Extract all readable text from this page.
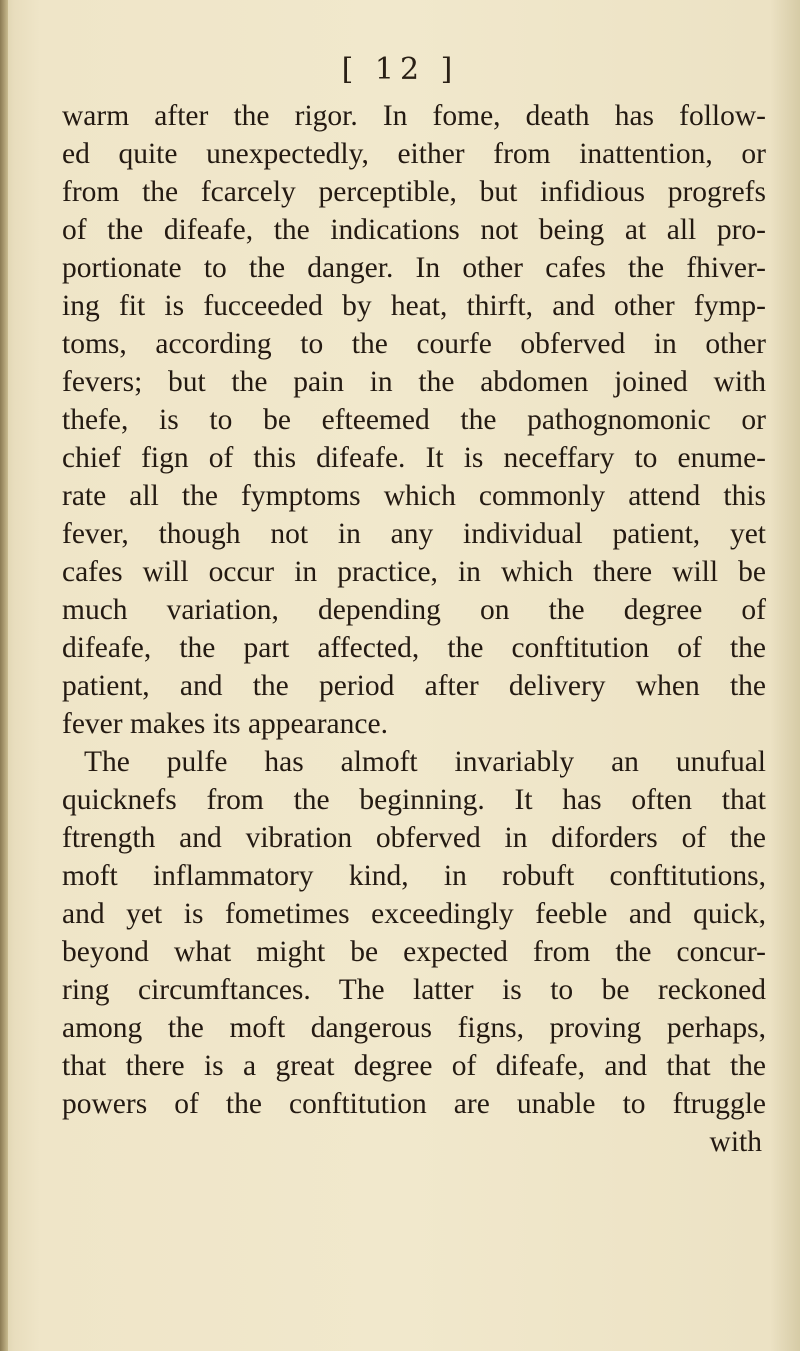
[ 12 ]
warm after the rigor. In fome, death has follow-
ed quite unexpectedly, either from inattention, or
from the fcarcely perceptible, but infidious progrefs
of the difeafe, the indications not being at all pro-
portionate to the danger. In other cafes the fhiver-
ing fit is fucceeded by heat, thirft, and other fymp-
toms, according to the courfe obferved in other
fevers; but the pain in the abdomen joined with
thefe, is to be efteemed the pathognomonic or
chief fign of this difeafe. It is neceffary to enume-
rate all the fymptoms which commonly attend this
fever, though not in any individual patient, yet
cafes will occur in practice, in which there will be
much variation, depending on the degree of
difeafe, the part affected, the conftitution of the
patient, and the period after delivery when the
fever makes its appearance.
The pulfe has almoft invariably an unufual
quicknefs from the beginning. It has often that
ftrength and vibration obferved in diforders of the
moft inflammatory kind, in robuft conftitutions,
and yet is fometimes exceedingly feeble and quick,
beyond what might be expected from the concur-
ring circumftances. The latter is to be reckoned
among the moft dangerous figns, proving perhaps,
that there is a great degree of difeafe, and that the
powers of the conftitution are unable to ftruggle
with
